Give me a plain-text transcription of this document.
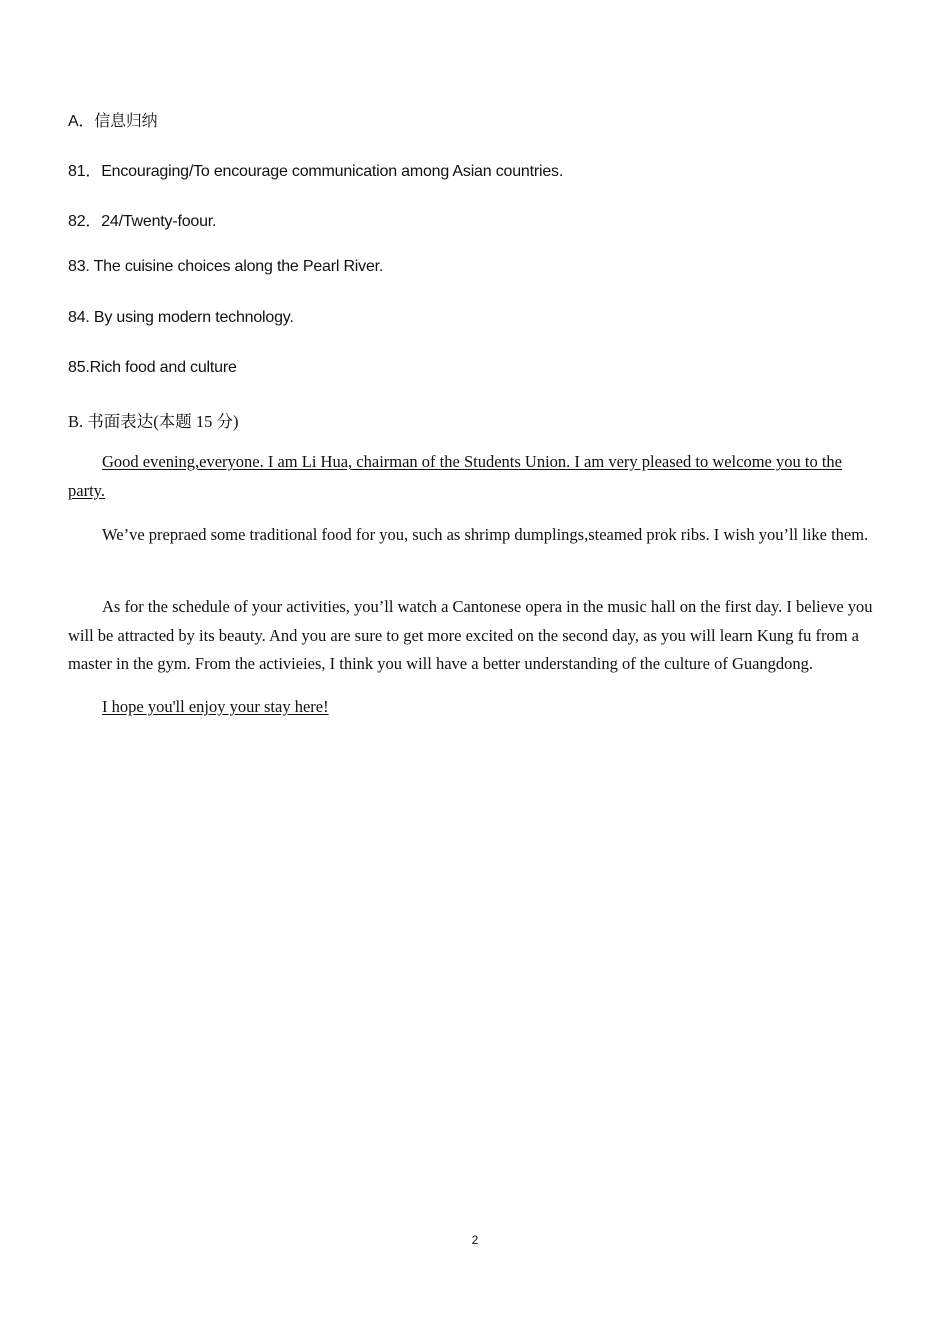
A．信息归纳
81．Encouraging/To encourage communication among Asian countries.
82．24/Twenty-foour.
83. The cuisine choices along the Pearl River.
84. By using modern technology.
85.Rich food and culture
B. 书面表达(本题 15 分)
Good evening,everyone. I am Li Hua, chairman of the Students Union. I am very pleased to welcome you to the party.
We’ve prepraed some traditional food for you, such as shrimp dumplings,steamed prok ribs. I wish you’ll like them.
As for the schedule of your activities, you’ll watch a Cantonese opera in the music hall on the first day. I believe you will be attracted by its beauty. And you are sure to get more excited on the second day, as you will learn Kung fu from a master in the gym. From the activieies, I think you will have a better understanding of the culture of Guangdong.
I hope you'll enjoy your stay here!
2
